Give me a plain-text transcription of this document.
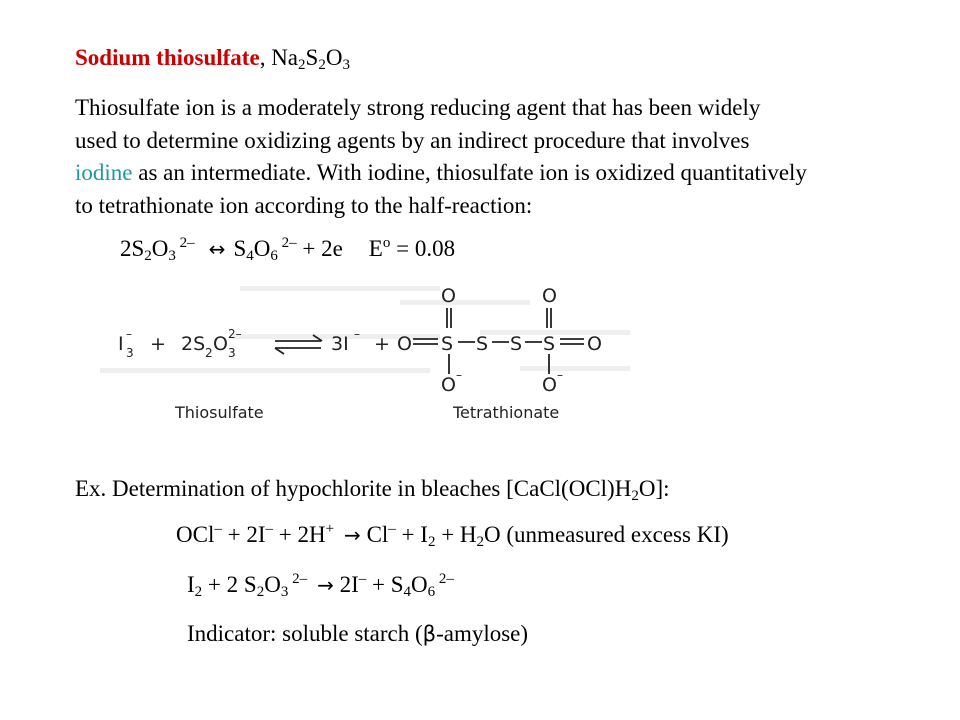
Sodium thiosulfate, $Na_2S_2O_3$
Thiosulfate ion is a moderately strong reducing agent that has been widely
used to determine oxidizing agents by an indirect procedure that involves
iodine as an intermediate. With iodine, thiosulfate ion is oxidized quantitatively
to tetrathionate ion according to the half-reaction:
$2S_2O_3$ $^{2-}$ ↔ $S_4O_6$ $^{2-}$ + 2e $E^o = 0.08$
I 3
– + 2S 2 O 3
2–	3I – + O S S S S O
O	O
O	O
–	–
Thiosulfate	Tetrathionate
Ex. Determination of hypochlorite in bleaches $[CaCl(OCl)H_2O]$:
$OCl^- + 2I^- + 2H^+ \to Cl^- + I_2 + H_2O$ (unmeasured excess KI)
$I_2 + 2$ $S_2O_3$ $^{2-} \to 2I^- + S_4O_6$ $^{2-}$
Indicator: soluble starch (β-amylose)
